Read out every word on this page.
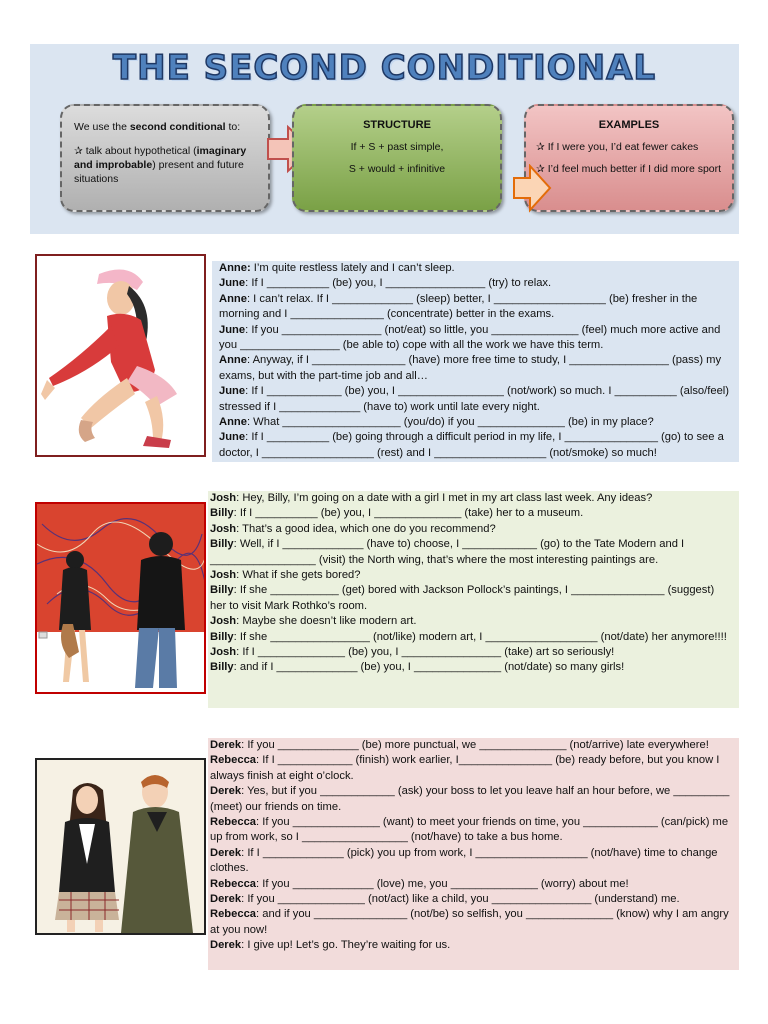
THE SECOND CONDITIONAL

We use the second conditional to:

✰ talk about hypothetical (imaginary and improbable) present and future situations

STRUCTURE
If + S + past simple,
S + would + infinitive
EXAMPLES
✰ If I were you, I’d eat fewer cakes
✰ I’d feel much better if I did more sport

Anne: I’m quite restless lately and I can’t sleep.

June: If I __________ (be) you, I ________________ (try) to relax.

Anne: I can’t relax. If I _____________ (sleep) better, I __________________ (be) fresher in the morning and I _______________ (concentrate) better in the exams.

June: If you ________________ (not/eat) so little, you ______________ (feel) much more active and you ________________ (be able to) cope with all the work we have this term.

Anne: Anyway, if I _______________ (have) more free time to study, I ________________ (pass) my exams, but with the part-time job and all…

June: If I ____________ (be) you, I _________________ (not/work) so much. I __________ (also/feel) stressed if I _____________ (have to) work until late every night.

Anne: What ___________________ (you/do) if you ______________ (be) in my place?

June: If I __________ (be) going through a difficult period in my life, I _______________ (go) to see a doctor, I __________________ (rest) and I __________________ (not/smoke) so much!

Josh: Hey, Billy, I’m going on a date with a girl I met in my art class last week. Any ideas?

Billy: If I __________ (be) you, I ______________ (take) her to a museum.

Josh: That’s a good idea, which one do you recommend?

Billy: Well, if I _____________ (have to) choose, I ____________ (go) to the Tate Modern and I _________________ (visit) the North wing, that’s where the most interesting paintings are.

Josh: What if she gets bored?

Billy: If she ___________ (get) bored with Jackson Pollock’s paintings, I _______________ (suggest) her to visit Mark Rothko’s room.

Josh: Maybe she doesn’t like modern art.

Billy: If she ________________ (not/like) modern art, I __________________ (not/date) her anymore!!!!

Josh: If I ______________ (be) you, I ________________ (take) art so seriously!

Billy: and if I _____________ (be) you, I ______________ (not/date) so many girls!

Derek: If you _____________ (be) more punctual, we ______________ (not/arrive) late everywhere!

Rebecca: If I ____________ (finish) work earlier, I_______________ (be) ready before, but you know I always finish at eight o’clock.

Derek: Yes, but if you ____________ (ask) your boss to let you leave half an hour before, we _________ (meet) our friends on time.

Rebecca: If you ______________ (want) to meet your friends on time, you ____________ (can/pick) me up from work, so I _________________ (not/have) to take a bus home.

Derek: If I _____________ (pick) you up from work, I __________________ (not/have) time to change clothes.

Rebecca: If you _____________ (love) me, you ______________ (worry) about me!

Derek: If you ______________ (not/act) like a child, you ________________ (understand) me.

Rebecca: and if you _______________ (not/be) so selfish, you ______________ (know) why I am angry at you now!

Derek: I give up! Let’s go. They’re waiting for us.
